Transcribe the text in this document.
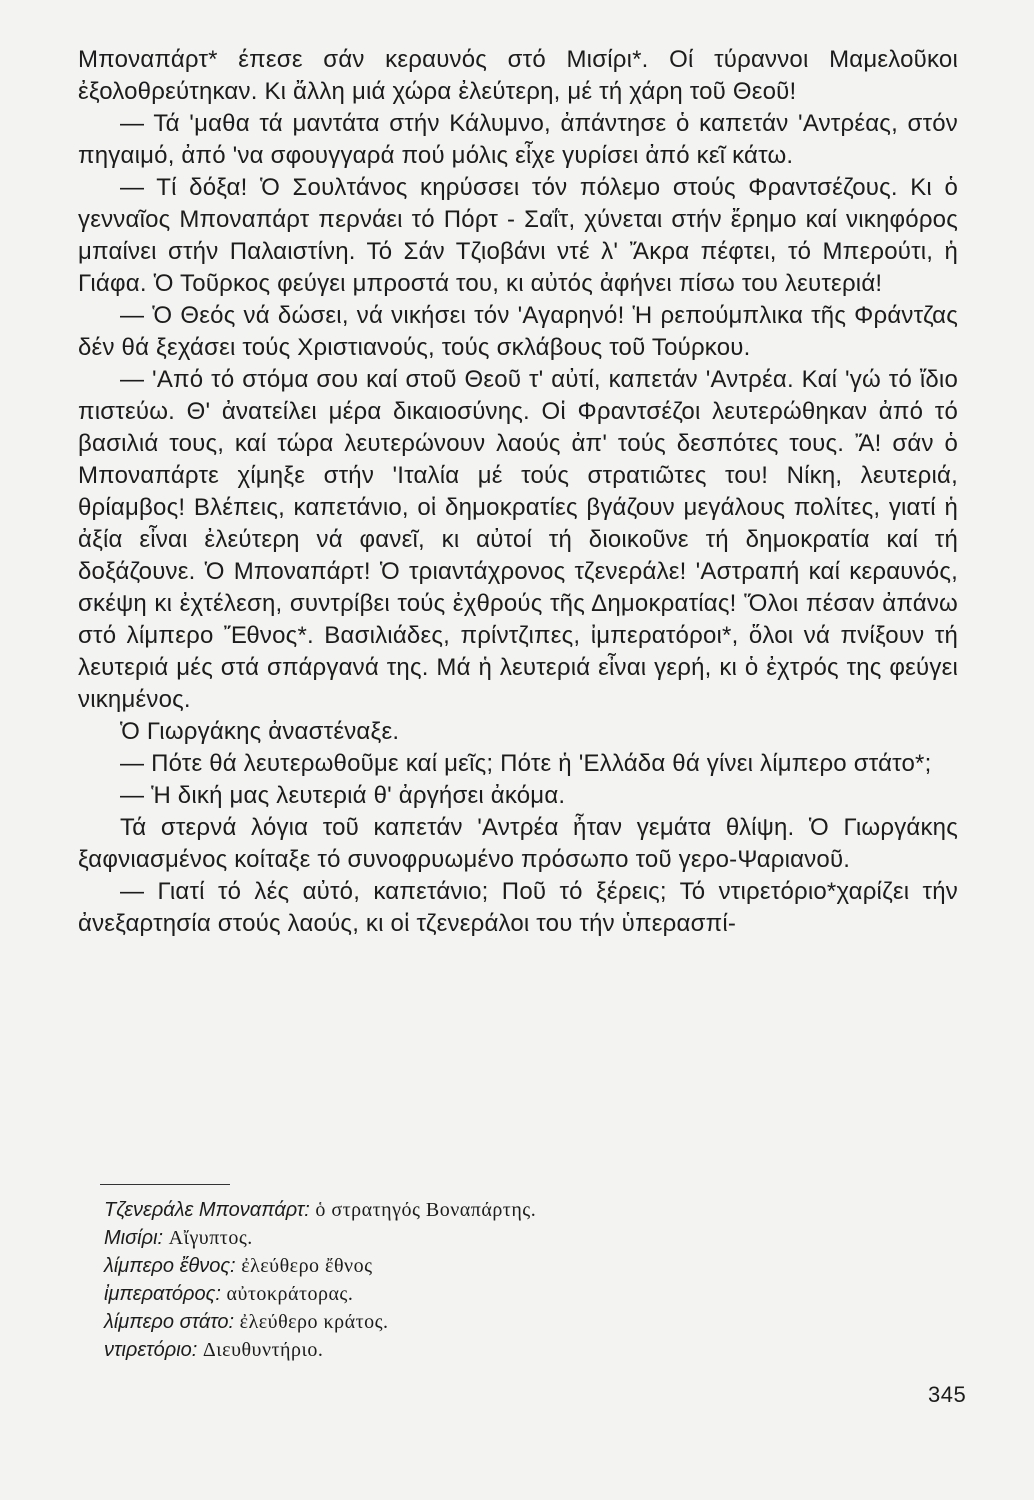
Μποναπάρτ* έπεσε σάν κεραυνός στό Μισίρι*. Οί τύραννοι Μαμελοῦκοι ἐξολοθρεύτηκαν. Κι ἄλλη μιά χώρα ἐλεύτερη, μέ τή χάρη τοῦ Θεοῦ!

— Τά 'μαθα τά μαντάτα στήν Κάλυμνο, ἀπάντησε ὁ καπετάν 'Αντρέας, στόν πηγαιμό, ἀπό 'να σφουγγαρά πού μόλις εἶχε γυρίσει ἀπό κεῖ κάτω.

— Τί δόξα! Ὁ Σουλτάνος κηρύσσει τόν πόλεμο στούς Φραντσέζους. Κι ὁ γενναῖος Μποναπάρτ περνάει τό Πόρτ - Σαΐτ, χύνεται στήν ἔρημο καί νικηφόρος μπαίνει στήν Παλαιστίνη. Τό Σάν Τζιοβάνι ντέ λ' Ἄκρα πέφτει, τό Μπερούτι, ἡ Γιάφα. Ὁ Τοῦρκος φεύγει μπροστά του, κι αὐτός ἀφήνει πίσω του λευτεριά!

— Ὁ Θεός νά δώσει, νά νικήσει τόν 'Αγαρηνό! Ἡ ρεπούμπλικα τῆς Φράντζας δέν θά ξεχάσει τούς Χριστιανούς, τούς σκλάβους τοῦ Τούρκου.

— 'Από τό στόμα σου καί στοῦ Θεοῦ τ' αὐτί, καπετάν 'Αντρέα. Καί 'γώ τό ἴδιο πιστεύω. Θ' ἀνατείλει μέρα δικαιοσύνης. Οἱ Φραντσέζοι λευτερώθηκαν ἀπό τό βασιλιά τους, καί τώρα λευτερώνουν λαούς ἀπ' τούς δεσπότες τους. Ἄ! σάν ὁ Μποναπάρτε χίμηξε στήν 'Ιταλία μέ τούς στρατιῶτες του! Νίκη, λευτεριά, θρίαμβος! Βλέπεις, καπετάνιο, οἱ δημοκρατίες βγάζουν μεγάλους πολίτες, γιατί ἡ ἀξία εἶναι ἐλεύτερη νά φανεῖ, κι αὐτοί τή διοικοῦνε τή δημοκρατία καί τή δοξάζουνε. Ὁ Μποναπάρτ! Ὁ τριαντάχρονος τζενεράλε! 'Αστραπή καί κεραυνός, σκέψη κι ἐχτέλεση, συντρίβει τούς ἐχθρούς τῆς Δημοκρατίας! Ὅλοι πέσαν ἀπάνω στό λίμπερο Ἔθνος*. Βασιλιάδες, πρίντζιπες, ἰμπερατόροι*, ὅλοι νά πνίξουν τή λευτεριά μές στά σπάργανά της. Μά ἡ λευτεριά εἶναι γερή, κι ὁ ἐχτρός της φεύγει νικημένος.

Ὁ Γιωργάκης ἀναστέναξε.

— Πότε θά λευτερωθοῦμε καί μεῖς; Πότε ἡ 'Ελλάδα θά γίνει λίμπερο στάτο*;

— Ἡ δική μας λευτεριά θ' ἀργήσει ἀκόμα.

Τά στερνά λόγια τοῦ καπετάν 'Αντρέα ἦταν γεμάτα θλίψη. Ὁ Γιωργάκης ξαφνιασμένος κοίταξε τό συνοφρυωμένο πρόσωπο τοῦ γερο-Ψαριανοῦ.

— Γιατί τό λές αὐτό, καπετάνιο; Ποῦ τό ξέρεις; Τό ντιρετόριο*χαρίζει τήν ἀνεξαρτησία στούς λαούς, κι οἱ τζενεράλοι του τήν ὑπερασπί-

Τζενεράλε Μποναπάρτ: ὁ στρατηγός Βοναπάρτης.

Μισίρι: Αἴγυπτος.

λίμπερο ἔθνος: ἐλεύθερο ἔθνος

ἰμπερατόρος: αὐτοκράτορας.

λίμπερο στάτο: ἐλεύθερο κράτος.

ντιρετόριο: Διευθυντήριο.

345
